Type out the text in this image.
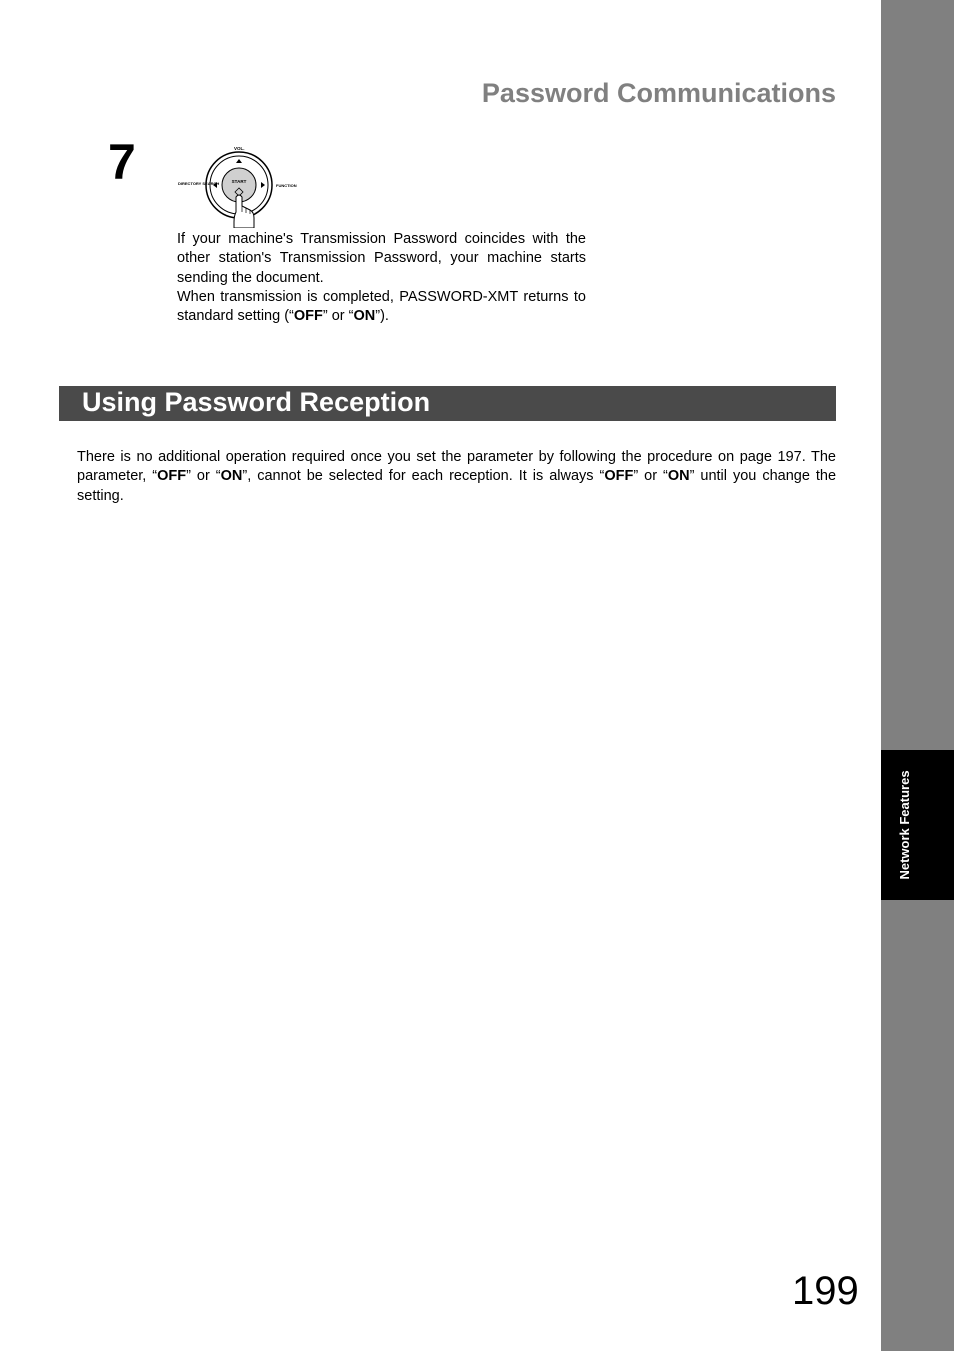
Network Features
Password Communications
7	START
VOL.
DIRECTORY SEARCH	FUNCTION

If your machine's Transmission Password coincides with the other station's Transmission Password, your machine starts sending the document.

When transmission is completed, PASSWORD-XMT returns to standard setting (“OFF” or “ON”).

Using Password Reception

There is no additional operation required once you set the parameter by following the procedure on page 197. The parameter, “OFF” or “ON”, cannot be selected for each reception. It is always “OFF” or “ON” until you change the setting.

199
